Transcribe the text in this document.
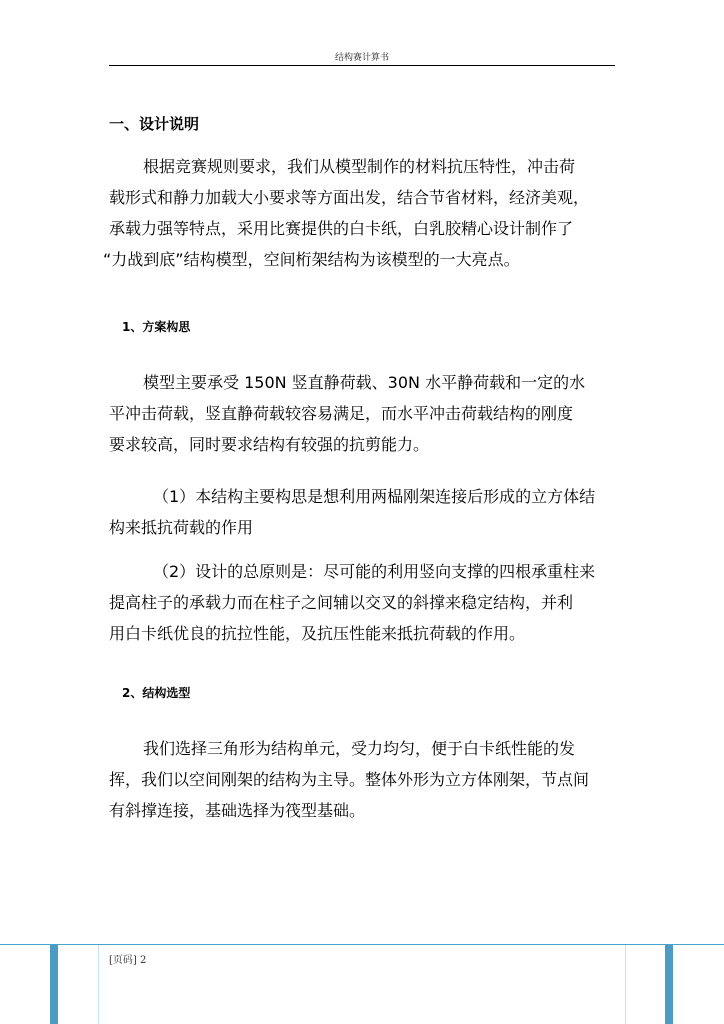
结构赛计算书
一、设计说明

根据竞赛规则要求，我们从模型制作的材料抗压特性，冲击荷
载形式和静力加载大小要求等方面出发，结合节省材料，经济美观，
承载力强等特点，采用比赛提供的白卡纸，白乳胶精心设计制作了
“力战到底”结构模型，空间桁架结构为该模型的一大亮点。

1、方案构思

模型主要承受 150N 竖直静荷载、30N 水平静荷载和一定的水
平冲击荷载，竖直静荷载较容易满足，而水平冲击荷载结构的刚度
要求较高，同时要求结构有较强的抗剪能力。

（1）本结构主要构思是想利用两榀刚架连接后形成的立方体结
构来抵抗荷载的作用

（2）设计的总原则是：尽可能的利用竖向支撑的四根承重柱来
提高柱子的承载力而在柱子之间辅以交叉的斜撑来稳定结构，并利
用白卡纸优良的抗拉性能，及抗压性能来抵抗荷载的作用。

2、结构选型

我们选择三角形为结构单元，受力均匀，便于白卡纸性能的发
挥，我们以空间刚架的结构为主导。整体外形为立方体刚架，节点间
有斜撑连接，基础选择为筏型基础。

[页码] 2
